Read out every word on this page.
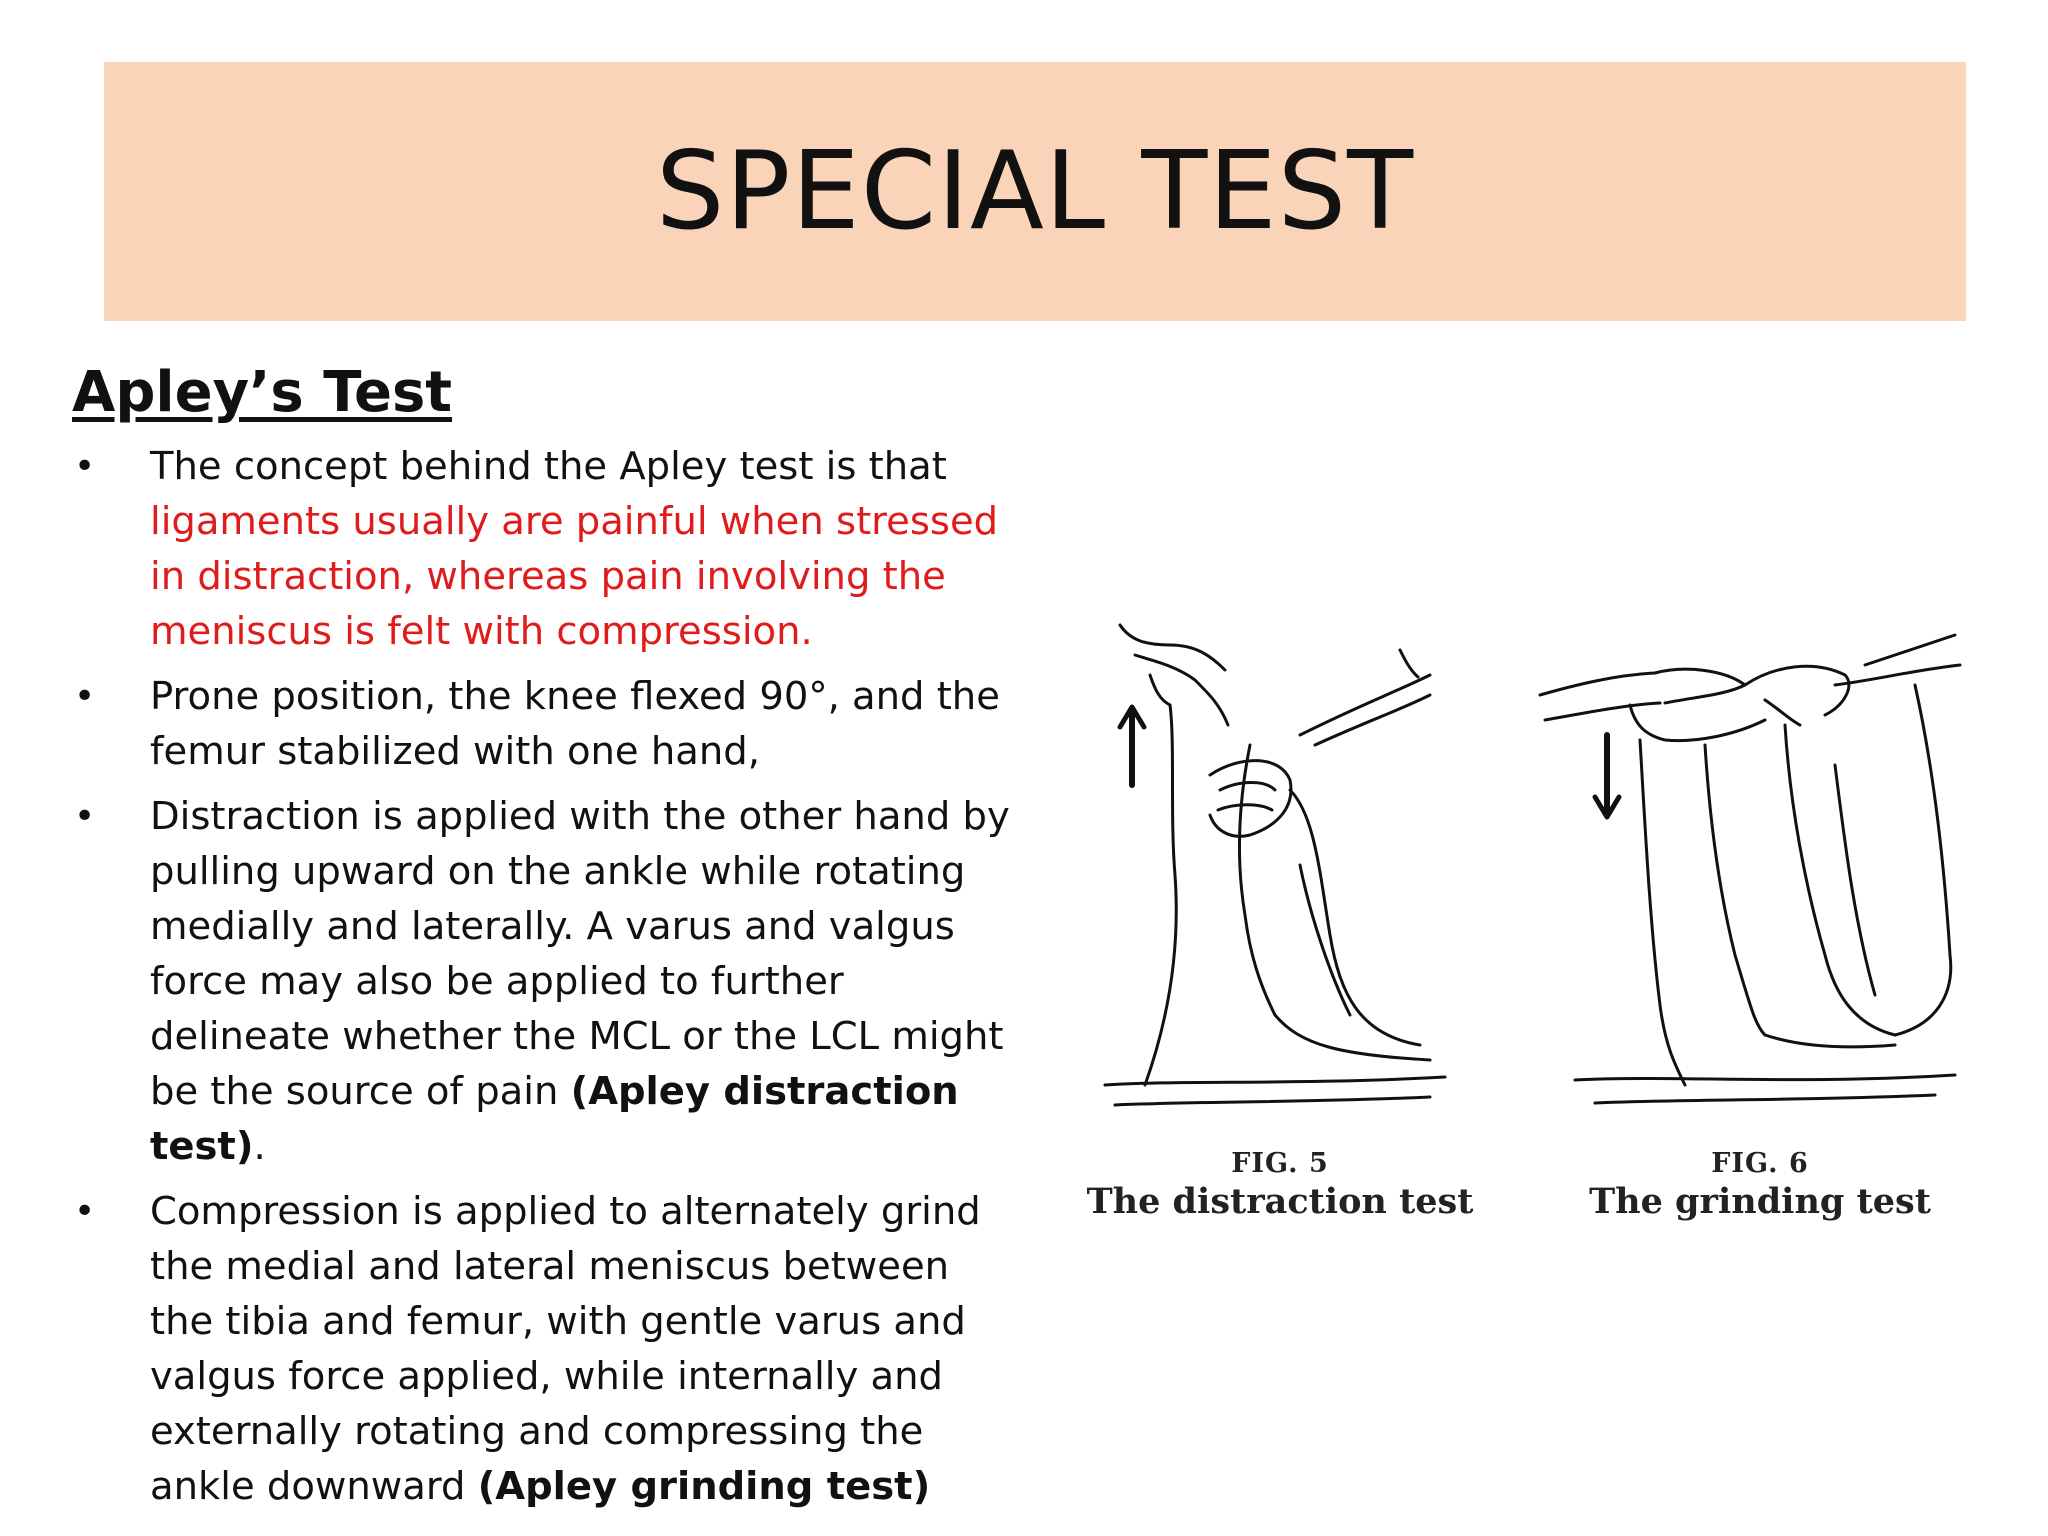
SPECIAL TEST
Apley’s Test
• The concept behind the Apley test is that ligaments usually are painful when stressed in distraction, whereas pain involving the meniscus is felt with compression.
• Prone position, the knee flexed 90°, and the femur stabilized with one hand,
• Distraction is applied with the other hand by pulling upward on the ankle while rotating medially and laterally. A varus and valgus force may also be applied to further delineate whether the MCL or the LCL might be the source of pain (Apley distraction test).
• Compression is applied to alternately grind the medial and lateral meniscus between the tibia and femur, with gentle varus and valgus force applied, while internally and externally rotating and compressing the ankle downward (Apley grinding test)
FIG. 5
The distraction test
FIG. 6
The grinding test
